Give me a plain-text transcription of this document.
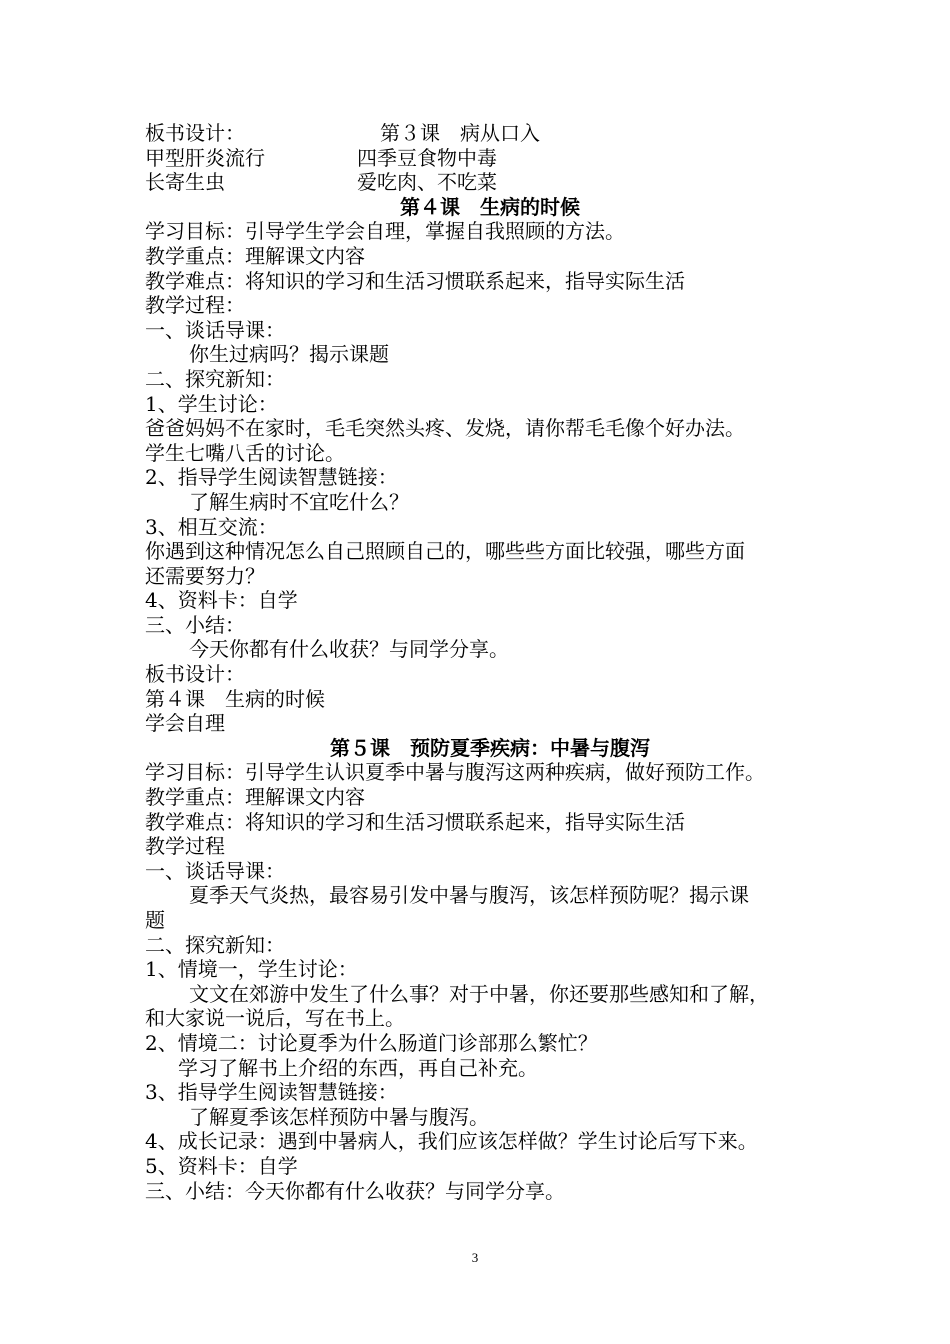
板书设计：	第３课　病从口入
甲型肝炎流行	四季豆食物中毒
长寄生虫	爱吃肉、不吃菜
第４课　生病的时候
学习目标：引导学生学会自理，掌握自我照顾的方法。
教学重点：理解课文内容
教学难点：将知识的学习和生活习惯联系起来，指导实际生活
教学过程：
一、谈话导课：
你生过病吗？揭示课题
二、探究新知：
1、学生讨论：
爸爸妈妈不在家时，毛毛突然头疼、发烧，请你帮毛毛像个好办法。
学生七嘴八舌的讨论。
2、指导学生阅读智慧链接：
了解生病时不宜吃什么？
3、相互交流：
你遇到这种情况怎么自己照顾自己的，哪些些方面比较强，哪些方面
还需要努力？
4、资料卡：自学
三、小结：
今天你都有什么收获？与同学分享。
板书设计：
第４课　生病的时候
学会自理
第５课　预防夏季疾病：中暑与腹泻
学习目标：引导学生认识夏季中暑与腹泻这两种疾病，做好预防工作。
教学重点：理解课文内容
教学难点：将知识的学习和生活习惯联系起来，指导实际生活
教学过程
一、谈话导课：
夏季天气炎热，最容易引发中暑与腹泻，该怎样预防呢？揭示课
题
二、探究新知：
1、情境一，学生讨论：
文文在郊游中发生了什么事？对于中暑，你还要那些感知和了解，
和大家说一说后，写在书上。
2、情境二：讨论夏季为什么肠道门诊部那么繁忙？
学习了解书上介绍的东西，再自己补充。
3、指导学生阅读智慧链接：
了解夏季该怎样预防中暑与腹泻。
4、成长记录：遇到中暑病人，我们应该怎样做？学生讨论后写下来。
5、资料卡：自学
三、小结：今天你都有什么收获？与同学分享。
3
